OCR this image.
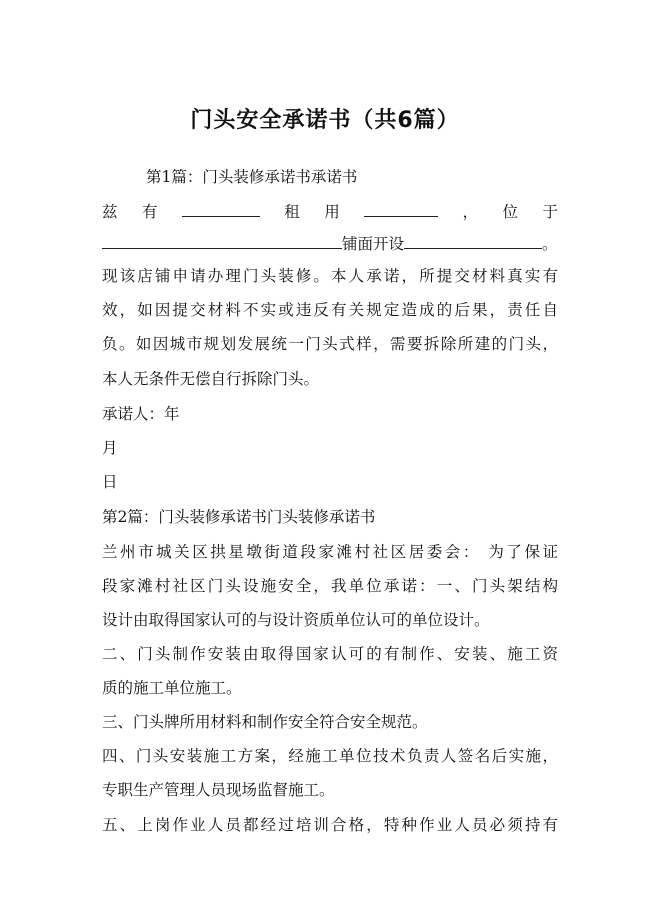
门头安全承诺书（共6篇）
第1篇：门头装修承诺书承诺书
兹 有	租 用	， 位 于
铺面开设	。
现该店铺申请办理门头装修。本人承诺，所提交材料真实有
效，如因提交材料不实或违反有关规定造成的后果，责任自
负。如因城市规划发展统一门头式样，需要拆除所建的门头，
本人无条件无偿自行拆除门头。
承诺人：年
月
日
第2篇：门头装修承诺书门头装修承诺书
兰州市城关区拱星墩街道段家滩村社区居委会： 为了保证
段家滩村社区门头设施安全，我单位承诺：一、门头架结构
设计由取得国家认可的与设计资质单位认可的单位设计。
二、门头制作安装由取得国家认可的有制作、安装、施工资
质的施工单位施工。
三、门头牌所用材料和制作安全符合安全规范。
四、门头安装施工方案，经施工单位技术负责人签名后实施，
专职生产管理人员现场监督施工。
五、上岗作业人员都经过培训合格，特种作业人员必须持有
